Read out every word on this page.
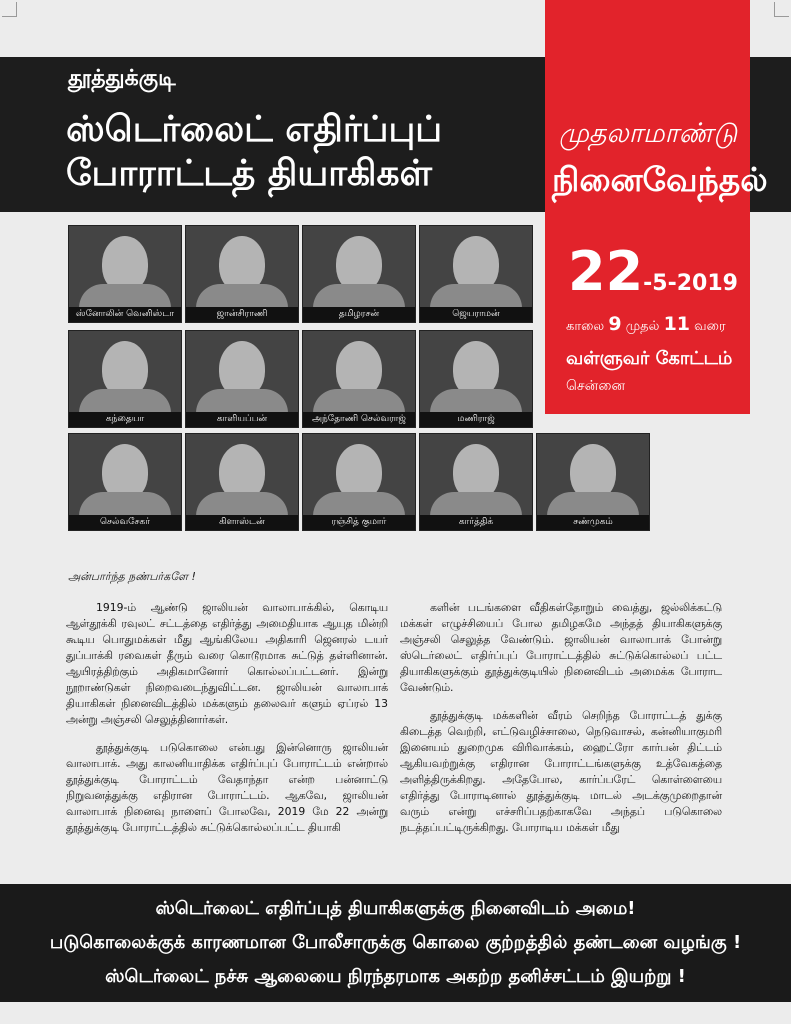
தூத்துக்குடி
ஸ்டெர்லைட் எதிர்ப்புப்
போராட்டத் தியாகிகள்
முதலாமாண்டு
நினைவேந்தல்
22-5-2019
காலை 9 முதல் 11 வரை
வள்ளுவர் கோட்டம்
சென்னை
ஸ்னோலின் வெனிஸ்டா	ஜான்சிராணி	தமிழரசன்	ஜெயராமன்
கந்தையா	காளியப்பன்	அந்தோணி செல்வராஜ்	மணிராஜ்
செல்வசேகர்	கிளாஸ்டன்	ரஞ்சித் குமார்	கார்த்திக்	சண்முகம்
அன்பார்ந்த நண்பர்களே !

1919-ம் ஆண்டு ஜாலியன் வாலாபாக்கில், கொடிய ஆள்தூக்கி ரவுலட் சட்டத்தை எதிர்த்து அமைதியாக ஆயுத மின்றி கூடிய பொதுமக்கள் மீது ஆங்கிலேய அதிகாரி ஜெனரல் டயர் துப்பாக்கி ரவைகள் தீரும் வரை கொடூரமாக சுட்டுத் தள்ளினான். ஆயிரத்திற்கும் அதிகமானோர் கொல்லப்பட்டனர். இன்று நூறாண்டுகள் நிறைவடைந்துவிட்டன. ஜாலியன் வாலாபாக் தியாகிகள் நினைவிடத்தில் மக்களும் தலைவர் களும் ஏப்ரல் 13 அன்று அஞ்சலி செலுத்தினார்கள்.

தூத்துக்குடி படுகொலை என்பது இன்னொரு ஜாலியன் வாலாபாக். அது காலனியாதிக்க எதிர்ப்புப் போராட்டம் என்றால் தூத்துக்குடி போராட்டம் வேதாந்தா என்ற பன்னாட்டு நிறுவனத்துக்கு எதிரான போராட்டம். ஆகவே, ஜாலியன் வாலாபாக் நினைவு நாளைப் போலவே, 2019 மே 22 அன்று தூத்துக்குடி போராட்டத்தில் சுட்டுக்கொல்லப்பட்ட தியாகி

களின் படங்களை வீதிகள்தோறும் வைத்து, ஜல்லிக்கட்டு மக்கள் எழுச்சியைப் போல தமிழகமே அந்தத் தியாகிகளுக்கு அஞ்சலி செலுத்த வேண்டும். ஜாலியன் வாலாபாக் போன்று ஸ்டெர்லைட் எதிர்ப்புப் போராட்டத்தில் சுட்டுக்கொல்லப் பட்ட தியாகிகளுக்கும் தூத்துக்குடியில் நினைவிடம் அமைக்க போராட வேண்டும்.

தூத்துக்குடி மக்களின் வீரம் செறிந்த போராட்டத் துக்கு கிடைத்த வெற்றி, எட்டுவழிச்சாலை, நெடுவாசல், கன்னியாகுமரி இனையம் துறைமுக விரிவாக்கம், ஹைட்ரோ கார்பன் திட்டம் ஆகியவற்றுக்கு எதிரான போராட்டங்களுக்கு உத்வேகத்தை அளித்திருக்கிறது. அதேபோல, கார்ப்பரேட் கொள்ளையை எதிர்த்து போராடினால் தூத்துக்குடி மாடல் அடக்குமுறைதான் வரும் என்று எச்சரிப்பதற்காகவே அந்தப் படுகொலை நடத்தப்பட்டிருக்கிறது. போராடிய மக்கள் மீது

ஸ்டெர்லைட் எதிர்ப்புத் தியாகிகளுக்கு நினைவிடம் அமை!
படுகொலைக்குக் காரணமான போலீசாருக்கு கொலை குற்றத்தில் தண்டனை வழங்கு !
ஸ்டெர்லைட் நச்சு ஆலையை நிரந்தரமாக அகற்ற தனிச்சட்டம் இயற்று !
